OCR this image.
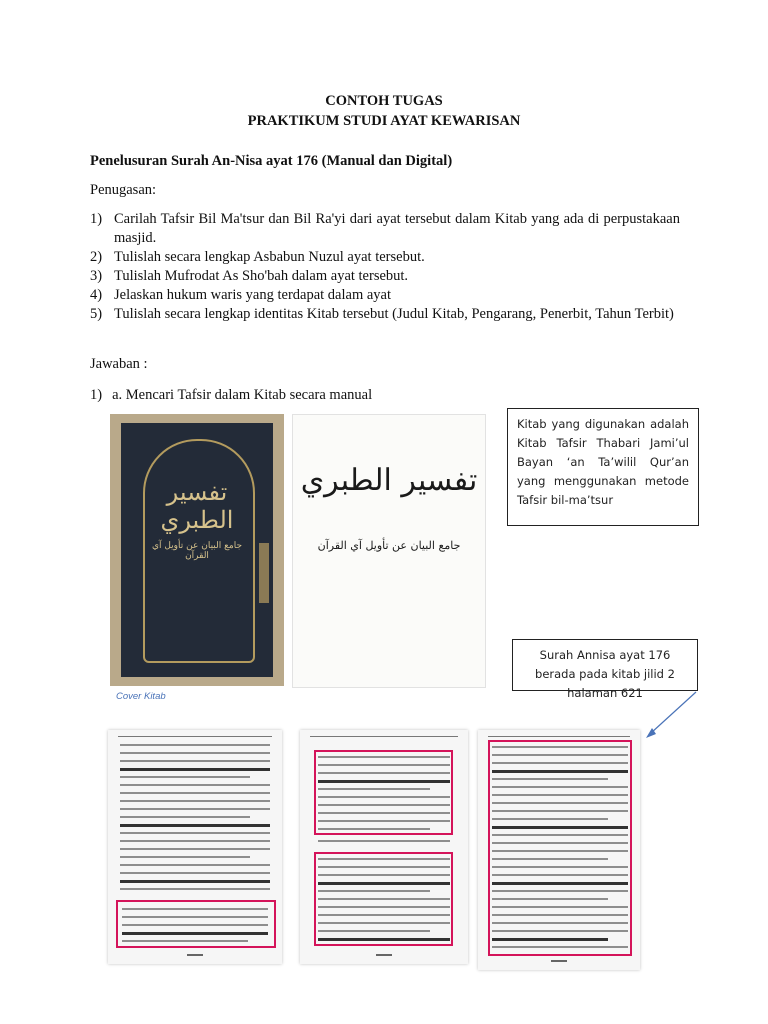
CONTOH TUGAS
PRAKTIKUM STUDI AYAT KEWARISAN
Penelusuran Surah An-Nisa ayat 176 (Manual dan Digital)
Penugasan:
1) Carilah Tafsir Bil Ma'tsur dan Bil Ra'yi dari ayat tersebut dalam Kitab yang ada di perpustakaan masjid.
2) Tulislah secara lengkap Asbabun Nuzul ayat tersebut.
3) Tulislah Mufrodat As Sho'bah dalam ayat tersebut.
4) Jelaskan hukum waris yang terdapat dalam ayat
5) Tulislah secara lengkap identitas Kitab tersebut (Judul Kitab, Pengarang, Penerbit, Tahun Terbit)
Jawaban :
1) a. Mencari Tafsir dalam Kitab secara manual
تفسير الطبري
جامع البيان عن تأويل آي القرآن
تفسير الطبري
جامع البيان عن تأويل آي القرآن
Cover Kitab
Kitab yang digunakan adalah Kitab Tafsir Thabari Jami’ul Bayan ‘an Ta’wilil Qur’an yang menggunakan metode Tafsir bil-ma’tsur
Surah Annisa ayat 176 berada pada kitab jilid 2 halaman 621
